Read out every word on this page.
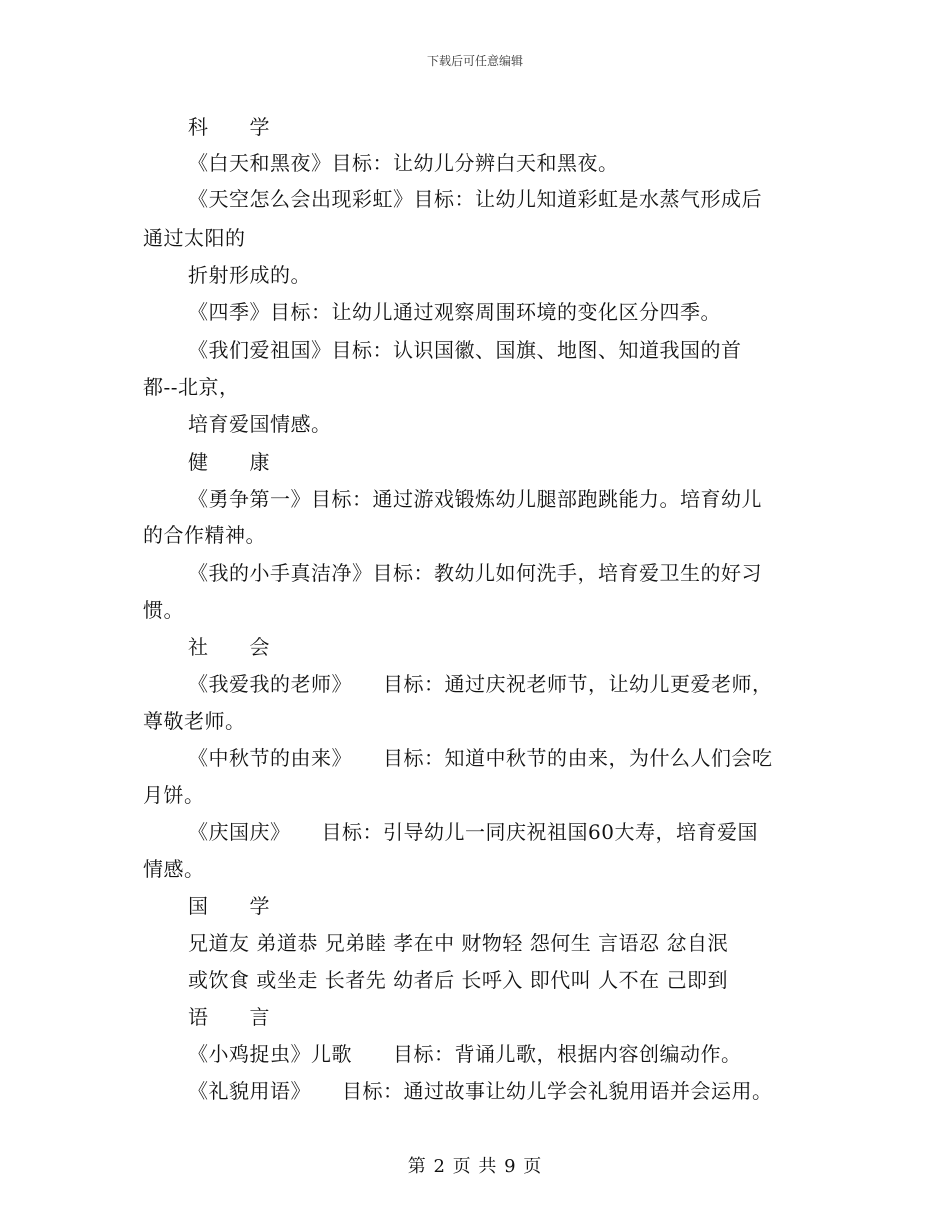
下载后可任意编辑
科　　学
《白天和黑夜》目标：让幼儿分辨白天和黑夜。
《天空怎么会出现彩虹》目标：让幼儿知道彩虹是水蒸气形成后
通过太阳的
折射形成的。
《四季》目标：让幼儿通过观察周围环境的变化区分四季。
《我们爱祖国》目标：认识国徽、国旗、地图、知道我国的首
都--北京，
培育爱国情感。
健　　康
《勇争第一》目标：通过游戏锻炼幼儿腿部跑跳能力。培育幼儿
的合作精神。
《我的小手真洁净》目标：教幼儿如何洗手，培育爱卫生的好习
惯。
社　　会
《我爱我的老师》　　目标：通过庆祝老师节，让幼儿更爱老师，
尊敬老师。
《中秋节的由来》　　目标：知道中秋节的由来，为什么人们会吃
月饼。
《庆国庆》　　目标：引导幼儿一同庆祝祖国60大寿，培育爱国
情感。
国　　学
兄道友 弟道恭 兄弟睦 孝在中 财物轻 怨何生 言语忍 忿自泯
或饮食 或坐走 长者先 幼者后 长呼入 即代叫 人不在 己即到
语　　言
《小鸡捉虫》儿歌　　目标：背诵儿歌，根据内容创编动作。
《礼貌用语》　　目标：通过故事让幼儿学会礼貌用语并会运用。
第 2 页 共 9 页
